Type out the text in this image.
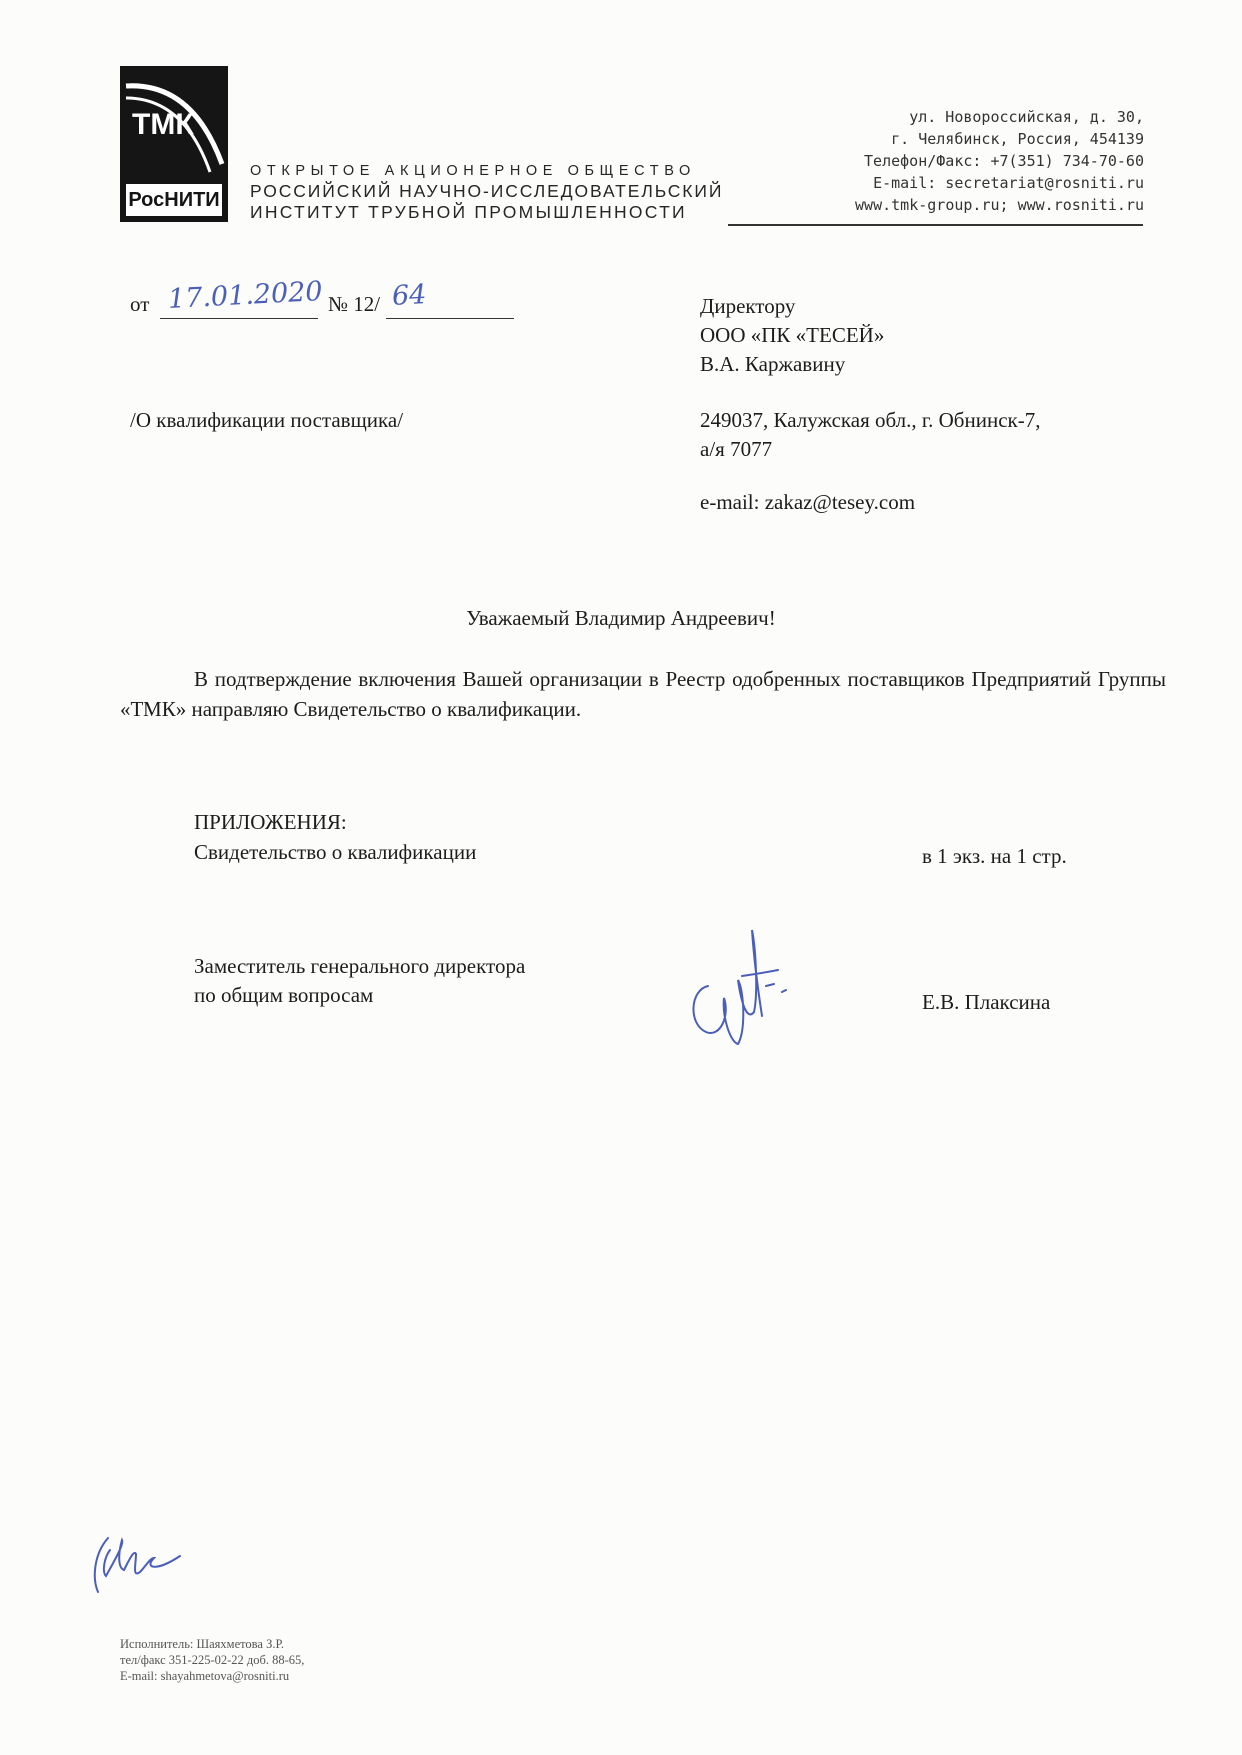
ТМК
РосНИТИ
ОТКРЫТОЕ АКЦИОНЕРНОЕ ОБЩЕСТВО
РОССИЙСКИЙ НАУЧНО-ИССЛЕДОВАТЕЛЬСКИЙ
ИНСТИТУТ ТРУБНОЙ ПРОМЫШЛЕННОСТИ
ул. Новороссийская, д. 30,
г. Челябинск, Россия, 454139
Телефон/Факс: +7(351) 734-70-60
E-mail: secretariat@rosniti.ru
www.tmk-group.ru; www.rosniti.ru
от 17.01.2020 № 12/ 64
/О квалификации поставщика/
Директору
ООО «ПК «ТЕСЕЙ»
В.А. Каржавину
249037, Калужская обл., г. Обнинск-7,
а/я 7077
e-mail: zakaz@tesey.com
Уважаемый Владимир Андреевич!
В подтверждение включения Вашей организации в Реестр одобренных поставщиков Предприятий Группы «ТМК» направляю Свидетельство о квалификации.
ПРИЛОЖЕНИЯ:
Свидетельство о квалификации	в 1 экз. на 1 стр.
Заместитель генерального директора
по общим вопросам	Е.В. Плаксина
Исполнитель: Шаяхметова З.Р.
тел/факс 351-225-02-22 доб. 88-65,
E-mail: shayahmetova@rosniti.ru
